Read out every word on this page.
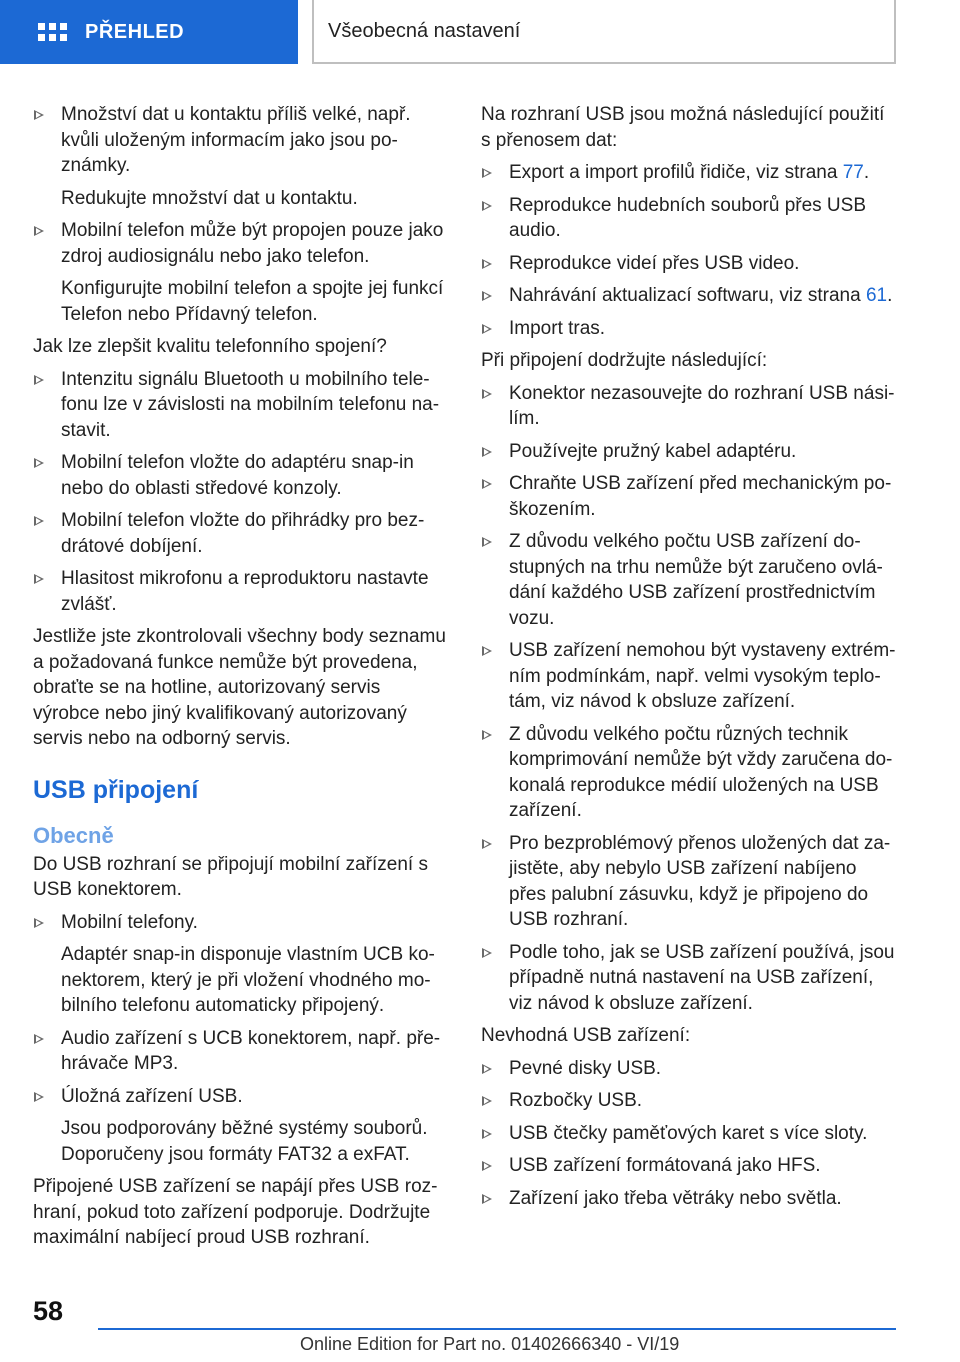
PŘEHLED	Všeobecná nastavení
Množství dat u kontaktu příliš velké, např. kvůli uloženým informacím jako jsou po-známky.
Redukujte množství dat u kontaktu.
Mobilní telefon může být propojen pouze jako zdroj audiosignálu nebo jako telefon.
Konfigurujte mobilní telefon a spojte jej funkcí Telefon nebo Přídavný telefon.
Jak lze zlepšit kvalitu telefonního spojení?
Intenzitu signálu Bluetooth u mobilního tele-fonu lze v závislosti na mobilním telefonu na-stavit.
Mobilní telefon vložte do adaptéru snap-in nebo do oblasti středové konzoly.
Mobilní telefon vložte do přihrádky pro bez-drátové dobíjení.
Hlasitost mikrofonu a reproduktoru nastavte zvlášť.
Jestliže jste zkontrolovali všechny body seznamu a požadovaná funkce nemůže být provedena, obraťte se na hotline, autorizovaný servis výrobce nebo jiný kvalifikovaný autorizovaný servis nebo na odborný servis.
USB připojení
Obecně
Do USB rozhraní se připojují mobilní zařízení s USB konektorem.
Mobilní telefony.
Adaptér snap-in disponuje vlastním UCB ko-nektorem, který je při vložení vhodného mo-bilního telefonu automaticky připojený.
Audio zařízení s UCB konektorem, např. pře-hrávače MP3.
Úložná zařízení USB.
Jsou podporovány běžné systémy souborů. Doporučeny jsou formáty FAT32 a exFAT.
Připojené USB zařízení se napájí přes USB roz-hraní, pokud toto zařízení podporuje. Dodržujte maximální nabíjecí proud USB rozhraní.
Na rozhraní USB jsou možná následující použití s přenosem dat:
Export a import profilů řidiče, viz strana 77.
Reprodukce hudebních souborů přes USB audio.
Reprodukce videí přes USB video.
Nahrávání aktualizací softwaru, viz strana 61.
Import tras.
Při připojení dodržujte následující:
Konektor nezasouvejte do rozhraní USB nási-lím.
Používejte pružný kabel adaptéru.
Chraňte USB zařízení před mechanickým po-škozením.
Z důvodu velkého počtu USB zařízení do-stupných na trhu nemůže být zaručeno ovlá-dání každého USB zařízení prostřednictvím vozu.
USB zařízení nemohou být vystaveny extrém-ním podmínkám, např. velmi vysokým teplo-tám, viz návod k obsluze zařízení.
Z důvodu velkého počtu různých technik komprimování nemůže být vždy zaručena do-konalá reprodukce médií uložených na USB zařízení.
Pro bezproblémový přenos uložených dat za-jistěte, aby nebylo USB zařízení nabíjeno přes palubní zásuvku, když je připojeno do USB rozhraní.
Podle toho, jak se USB zařízení používá, jsou případně nutná nastavení na USB zařízení, viz návod k obsluze zařízení.
Nevhodná USB zařízení:
Pevné disky USB.
Rozbočky USB.
USB čtečky paměťových karet s více sloty.
USB zařízení formátovaná jako HFS.
Zařízení jako třeba větráky nebo světla.
58
Online Edition for Part no. 01402666340 - VI/19
